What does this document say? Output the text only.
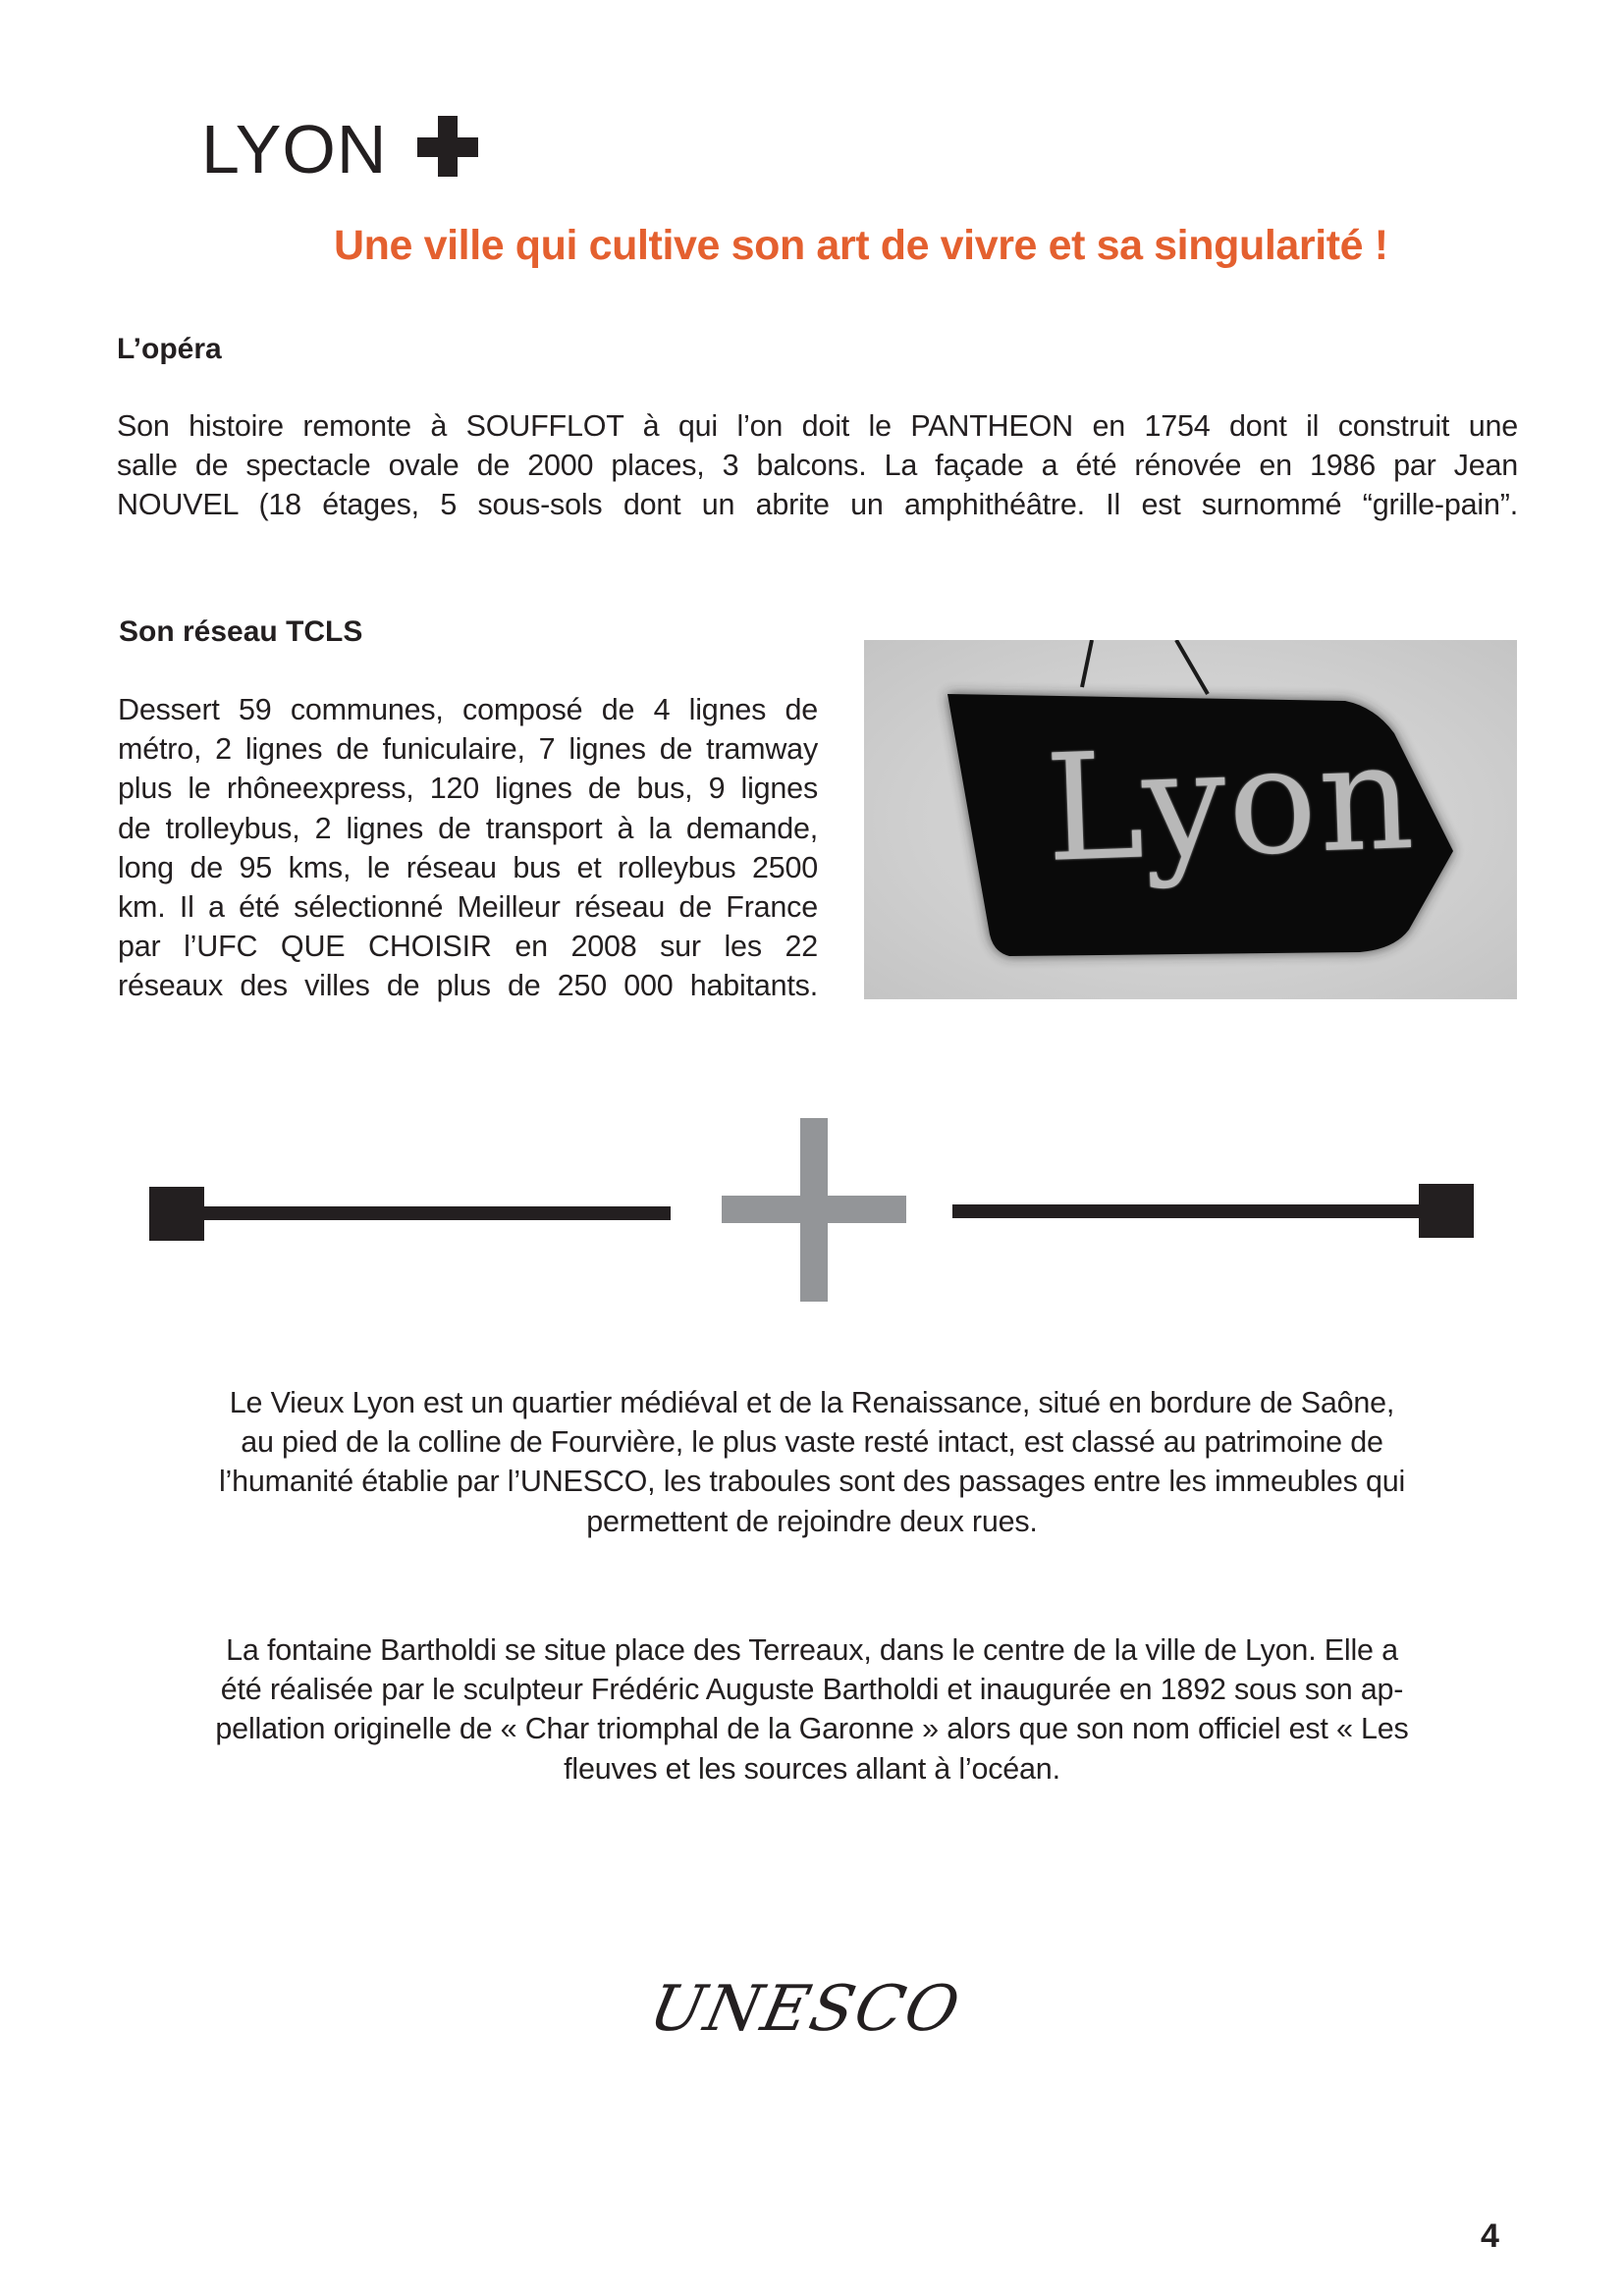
LYON
Une ville qui cultive son art de vivre et sa singularité !
L’opéra
Son histoire remonte à SOUFFLOT à qui l’on doit le PANTHEON en 1754 dont il construit une
salle de spectacle ovale de 2000 places, 3 balcons. La façade a été rénovée en 1986 par Jean
NOUVEL (18 étages, 5 sous-sols dont un abrite un amphithéâtre. Il est surnommé “grille-pain”.
Son réseau TCLS
Dessert 59 communes, composé de 4 lignes de
métro, 2 lignes de funiculaire, 7 lignes de tramway
plus le rhôneexpress, 120 lignes de bus, 9 lignes
de trolleybus, 2 lignes de transport à la demande,
long de 95 kms, le réseau bus et rolleybus 2500
km. Il a été sélectionné Meilleur réseau de France
par l’UFC QUE CHOISIR en 2008 sur les 22
réseaux des villes de plus de 250 000 habitants.
Lyon
Le Vieux Lyon est un quartier médiéval et de la Renaissance, situé en bordure de Saône,
au pied de la colline de Fourvière, le plus vaste resté intact, est classé au patrimoine de
l’humanité établie par l’UNESCO, les traboules sont des passages entre les immeubles qui
permettent de rejoindre deux rues.
La fontaine Bartholdi se situe place des Terreaux, dans le centre de la ville de Lyon. Elle a
été réalisée par le sculpteur Frédéric Auguste Bartholdi et inaugurée en 1892 sous son ap-
pellation originelle de « Char triomphal de la Garonne » alors que son nom officiel est « Les
fleuves et les sources allant à l’océan.
UNESCO
4
